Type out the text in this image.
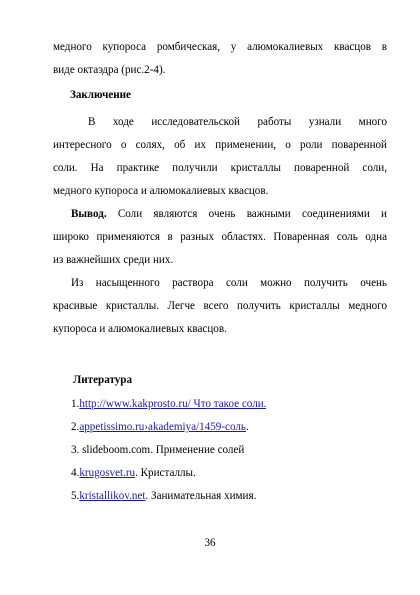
медного купороса ромбическая, у алюмокалиевых квасцов в
виде октаэдра (рис.2-4).
Заключение
В ходе исследовательской работы узнали много
интересного о солях, об их применении, о роли поваренной
соли. На практике получили кристаллы поваренной соли,
медного купороса и алюмокалиевых квасцов.
Вывод. Соли являются очень важными соединениями и
широко применяются в разных областях. Поваренная соль одна
из важнейших среди них.
Из насыщенного раствора соли можно получить очень
красивые кристаллы. Легче всего получить кристаллы медного
купороса и алюмокалиевых квасцов.
Литература
1.http://www.kakprosto.ru/ Что такое соли.
2.appetissimo.ru›akademiya/1459-соль.
3. slideboom.com. Применение солей
4.krugosvet.ru. Кристаллы.
5.kristallikov.net. Занимательная химия.
36
